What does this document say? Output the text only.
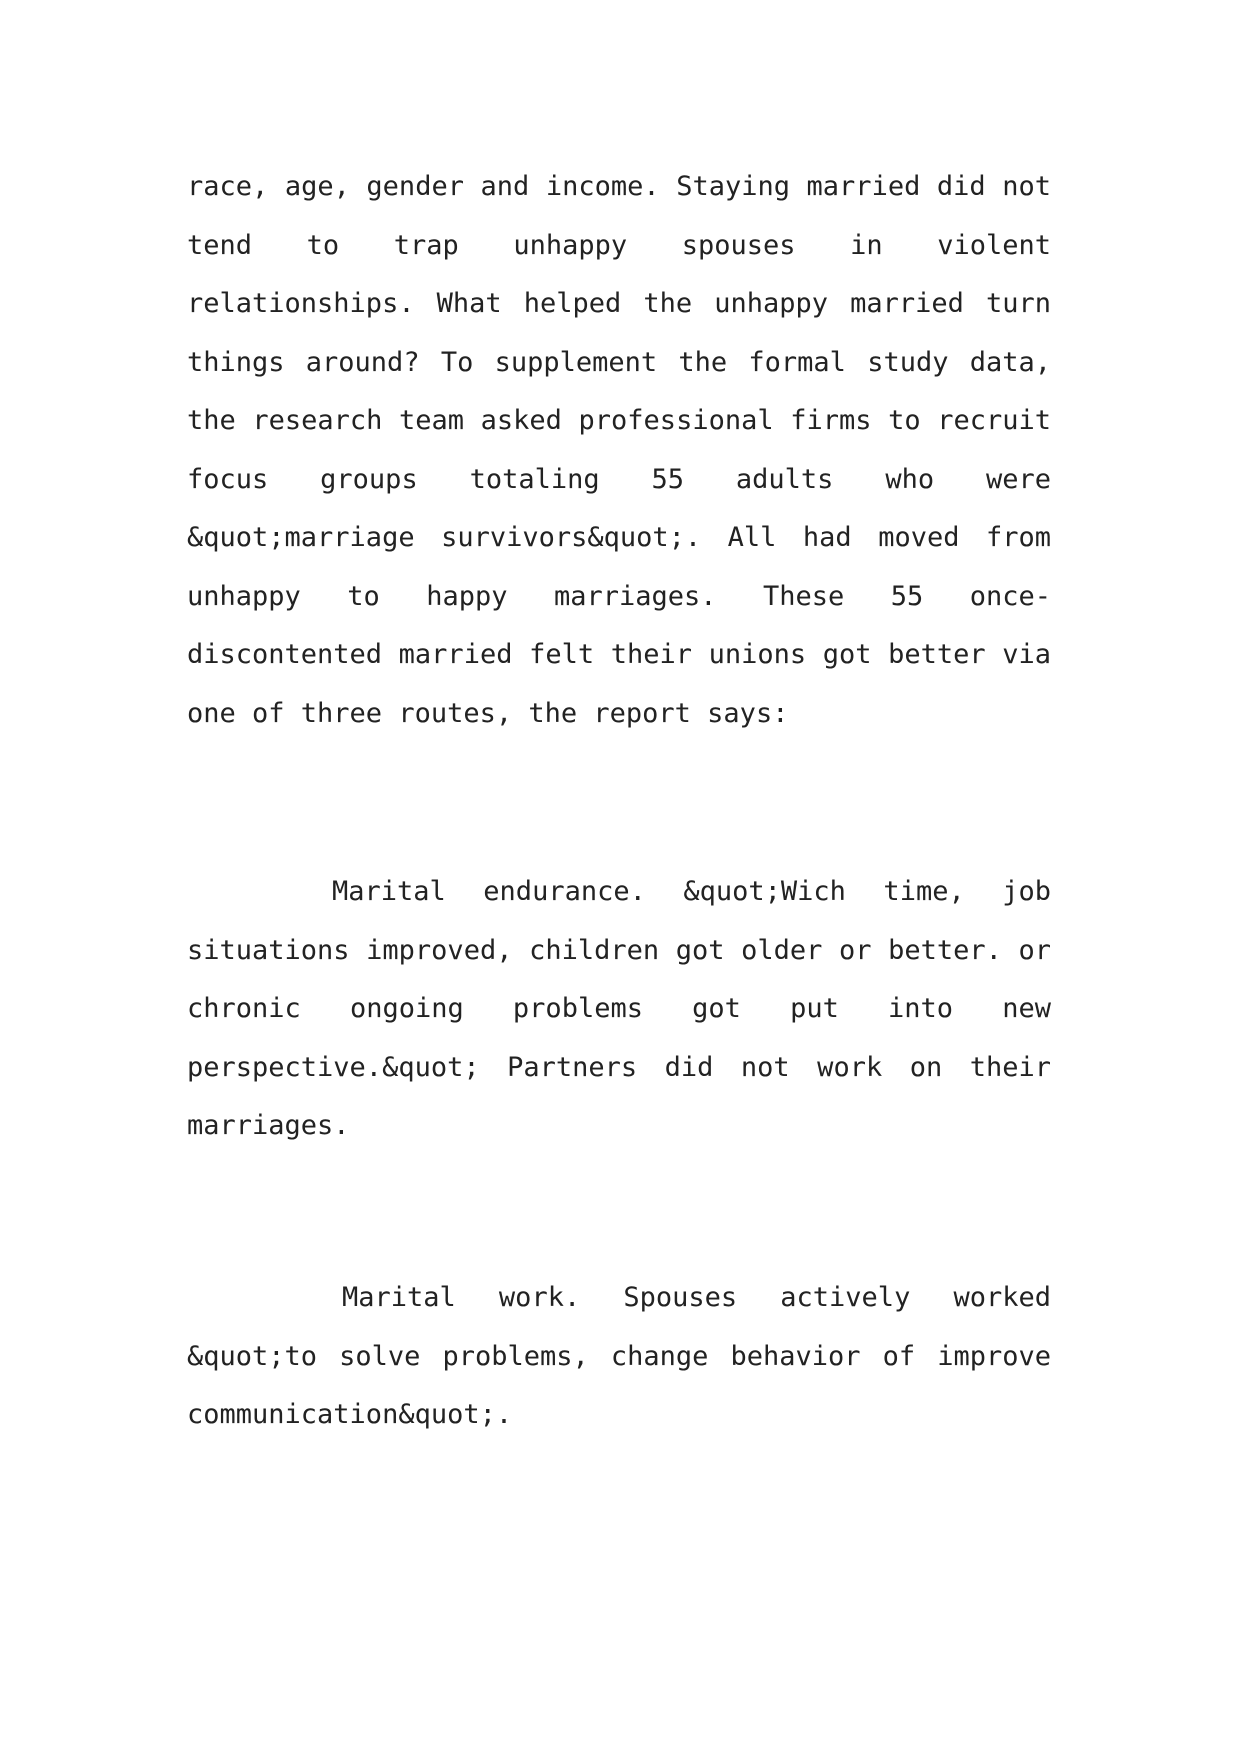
race, age, gender and income. Staying married did not tend to trap unhappy spouses in violent relationships. What helped the unhappy married turn things around? To supplement the formal study data, the research team asked professional firms to recruit focus groups totaling 55 adults who were &quot;marriage survivors&quot;. All had moved from unhappy to happy marriages. These 55 once-discontented married felt their unions got better via one of three routes, the report says:

Marital endurance. &quot;Wich time, job situations improved, children got older or better. or chronic ongoing problems got put into new perspective.&quot; Partners did not work on their marriages.

Marital work. Spouses actively worked &quot;to solve problems, change behavior of improve communication&quot;.
